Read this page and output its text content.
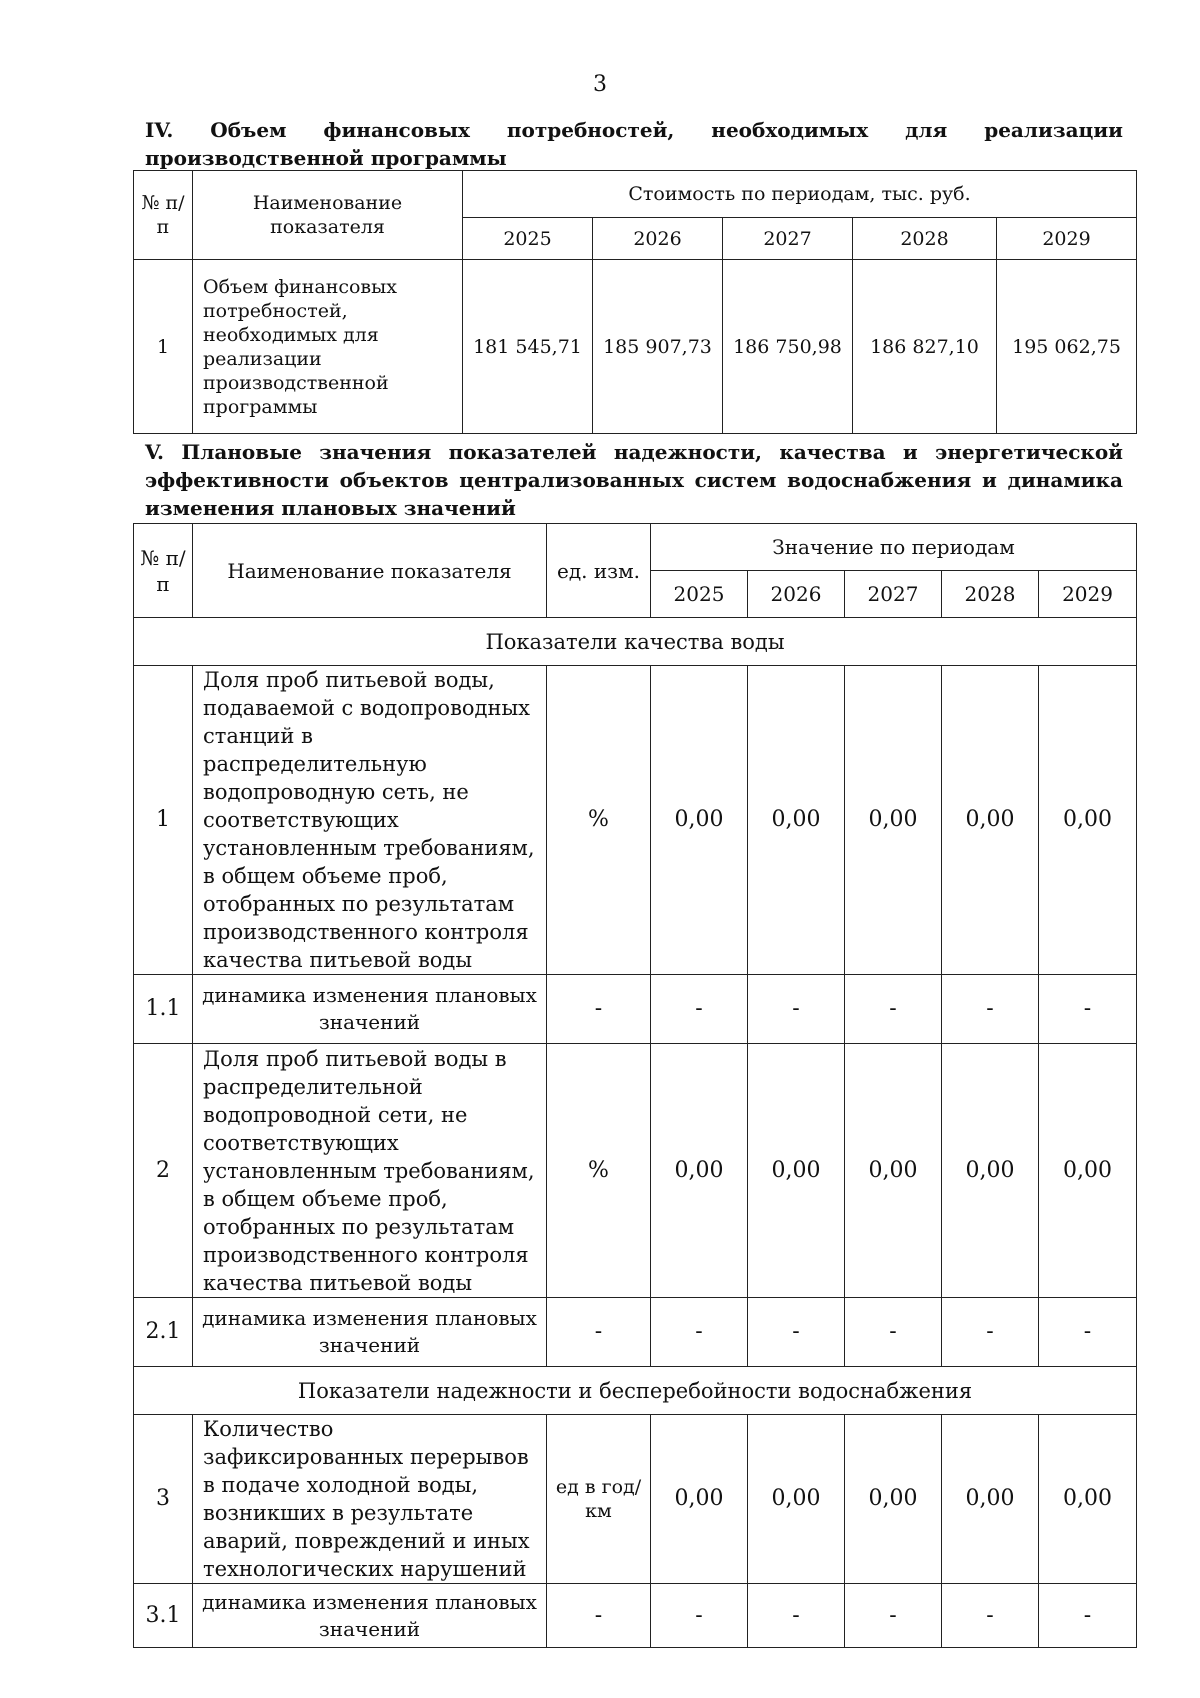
3
IV. Объем финансовых потребностей, необходимых для реализации производственной программы
№ п/п	Наименование показателя	Стоимость по периодам, тыс. руб.				
		2025	2026	2027	2028	2029
1	Объем финансовых потребностей, необходимых для реализации производственной программы	181 545,71	185 907,73	186 750,98	186 827,10	195 062,75
V. Плановые значения показателей надежности, качества и энергетической эффективности объектов централизованных систем водоснабжения и динамика изменения плановых значений
№ п/п	Наименование показателя	ед. изм.	Значение по периодам				
			2025	2026	2027	2028	2029
Показатели качества воды							
1	Доля проб питьевой воды, подаваемой с водопроводных станций в распределительную водопроводную сеть, не соответствующих установленным требованиям, в общем объеме проб, отобранных по результатам производственного контроля качества питьевой воды	%	0,00	0,00	0,00	0,00	0,00
1.1	динамика изменения плановых значений	-	-	-	-	-	-
2	Доля проб питьевой воды в распределительной водопроводной сети, не соответствующих установленным требованиям, в общем объеме проб, отобранных по результатам производственного контроля качества питьевой воды	%	0,00	0,00	0,00	0,00	0,00
2.1	динамика изменения плановых значений	-	-	-	-	-	-
Показатели надежности и бесперебойности водоснабжения							
3	Количество зафиксированных перерывов в подаче холодной воды, возникших в результате аварий, повреждений и иных технологических нарушений	ед в год/ км	0,00	0,00	0,00	0,00	0,00
3.1	динамика изменения плановых значений	-	-	-	-	-	-
